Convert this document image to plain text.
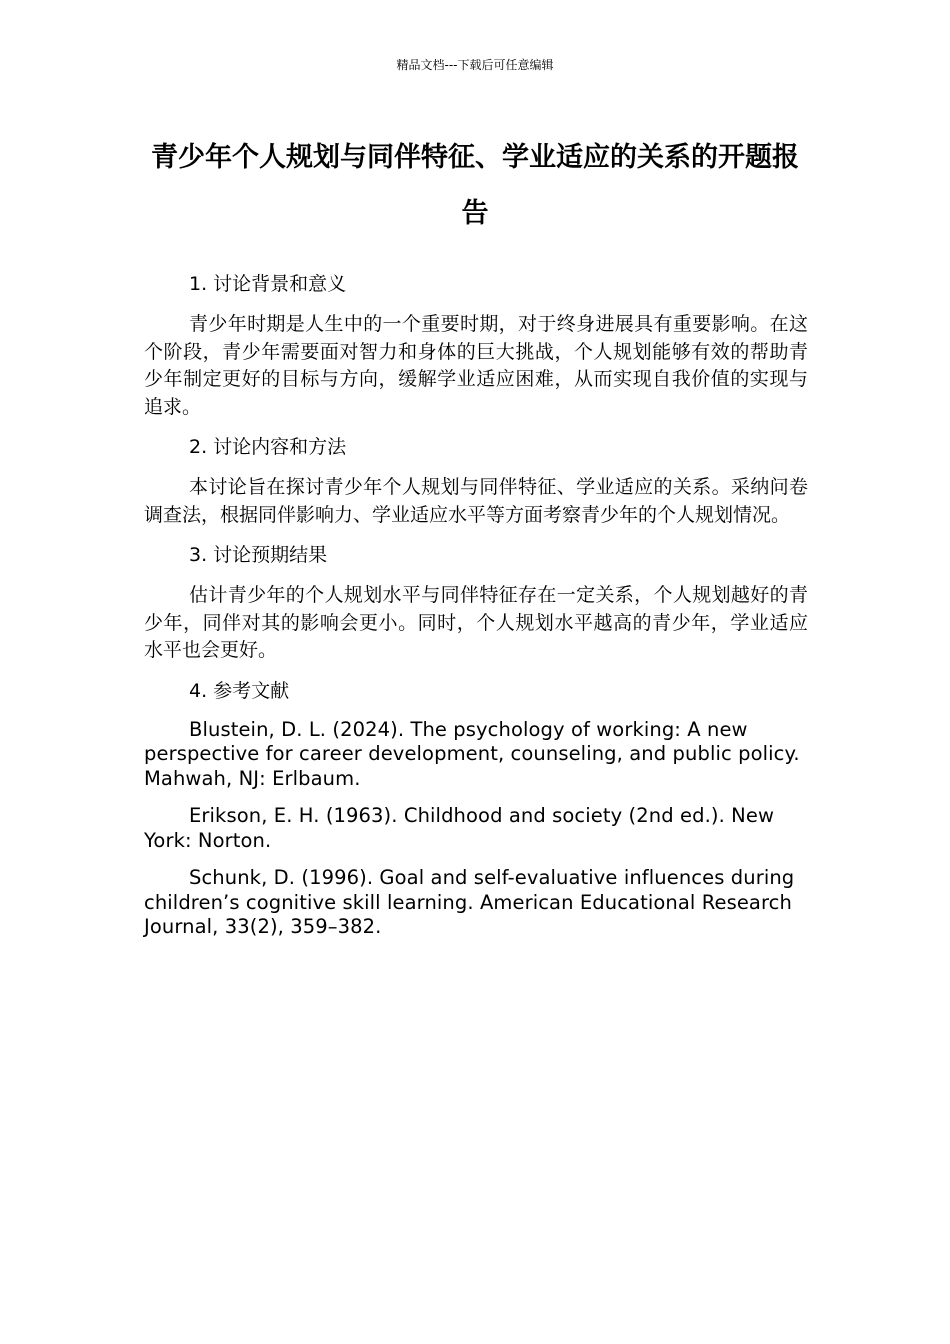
精品文档---下载后可任意编辑
青少年个人规划与同伴特征、学业适应的关系的开题报告

1. 讨论背景和意义

青少年时期是人生中的一个重要时期，对于终身进展具有重要影响。在这个阶段，青少年需要面对智力和身体的巨大挑战，个人规划能够有效的帮助青少年制定更好的目标与方向，缓解学业适应困难，从而实现自我价值的实现与追求。

2. 讨论内容和方法

本讨论旨在探讨青少年个人规划与同伴特征、学业适应的关系。采纳问卷调查法，根据同伴影响力、学业适应水平等方面考察青少年的个人规划情况。

3. 讨论预期结果

估计青少年的个人规划水平与同伴特征存在一定关系，个人规划越好的青少年，同伴对其的影响会更小。同时，个人规划水平越高的青少年，学业适应水平也会更好。

4. 参考文献

Blustein, D. L. (2024). The psychology of working: A new perspective for career development, counseling, and public policy. Mahwah, NJ: Erlbaum.

Erikson, E. H. (1963). Childhood and society (2nd ed.). New York: Norton.

Schunk, D. (1996). Goal and self-evaluative influences during children’s cognitive skill learning. American Educational Research Journal, 33(2), 359–382.
